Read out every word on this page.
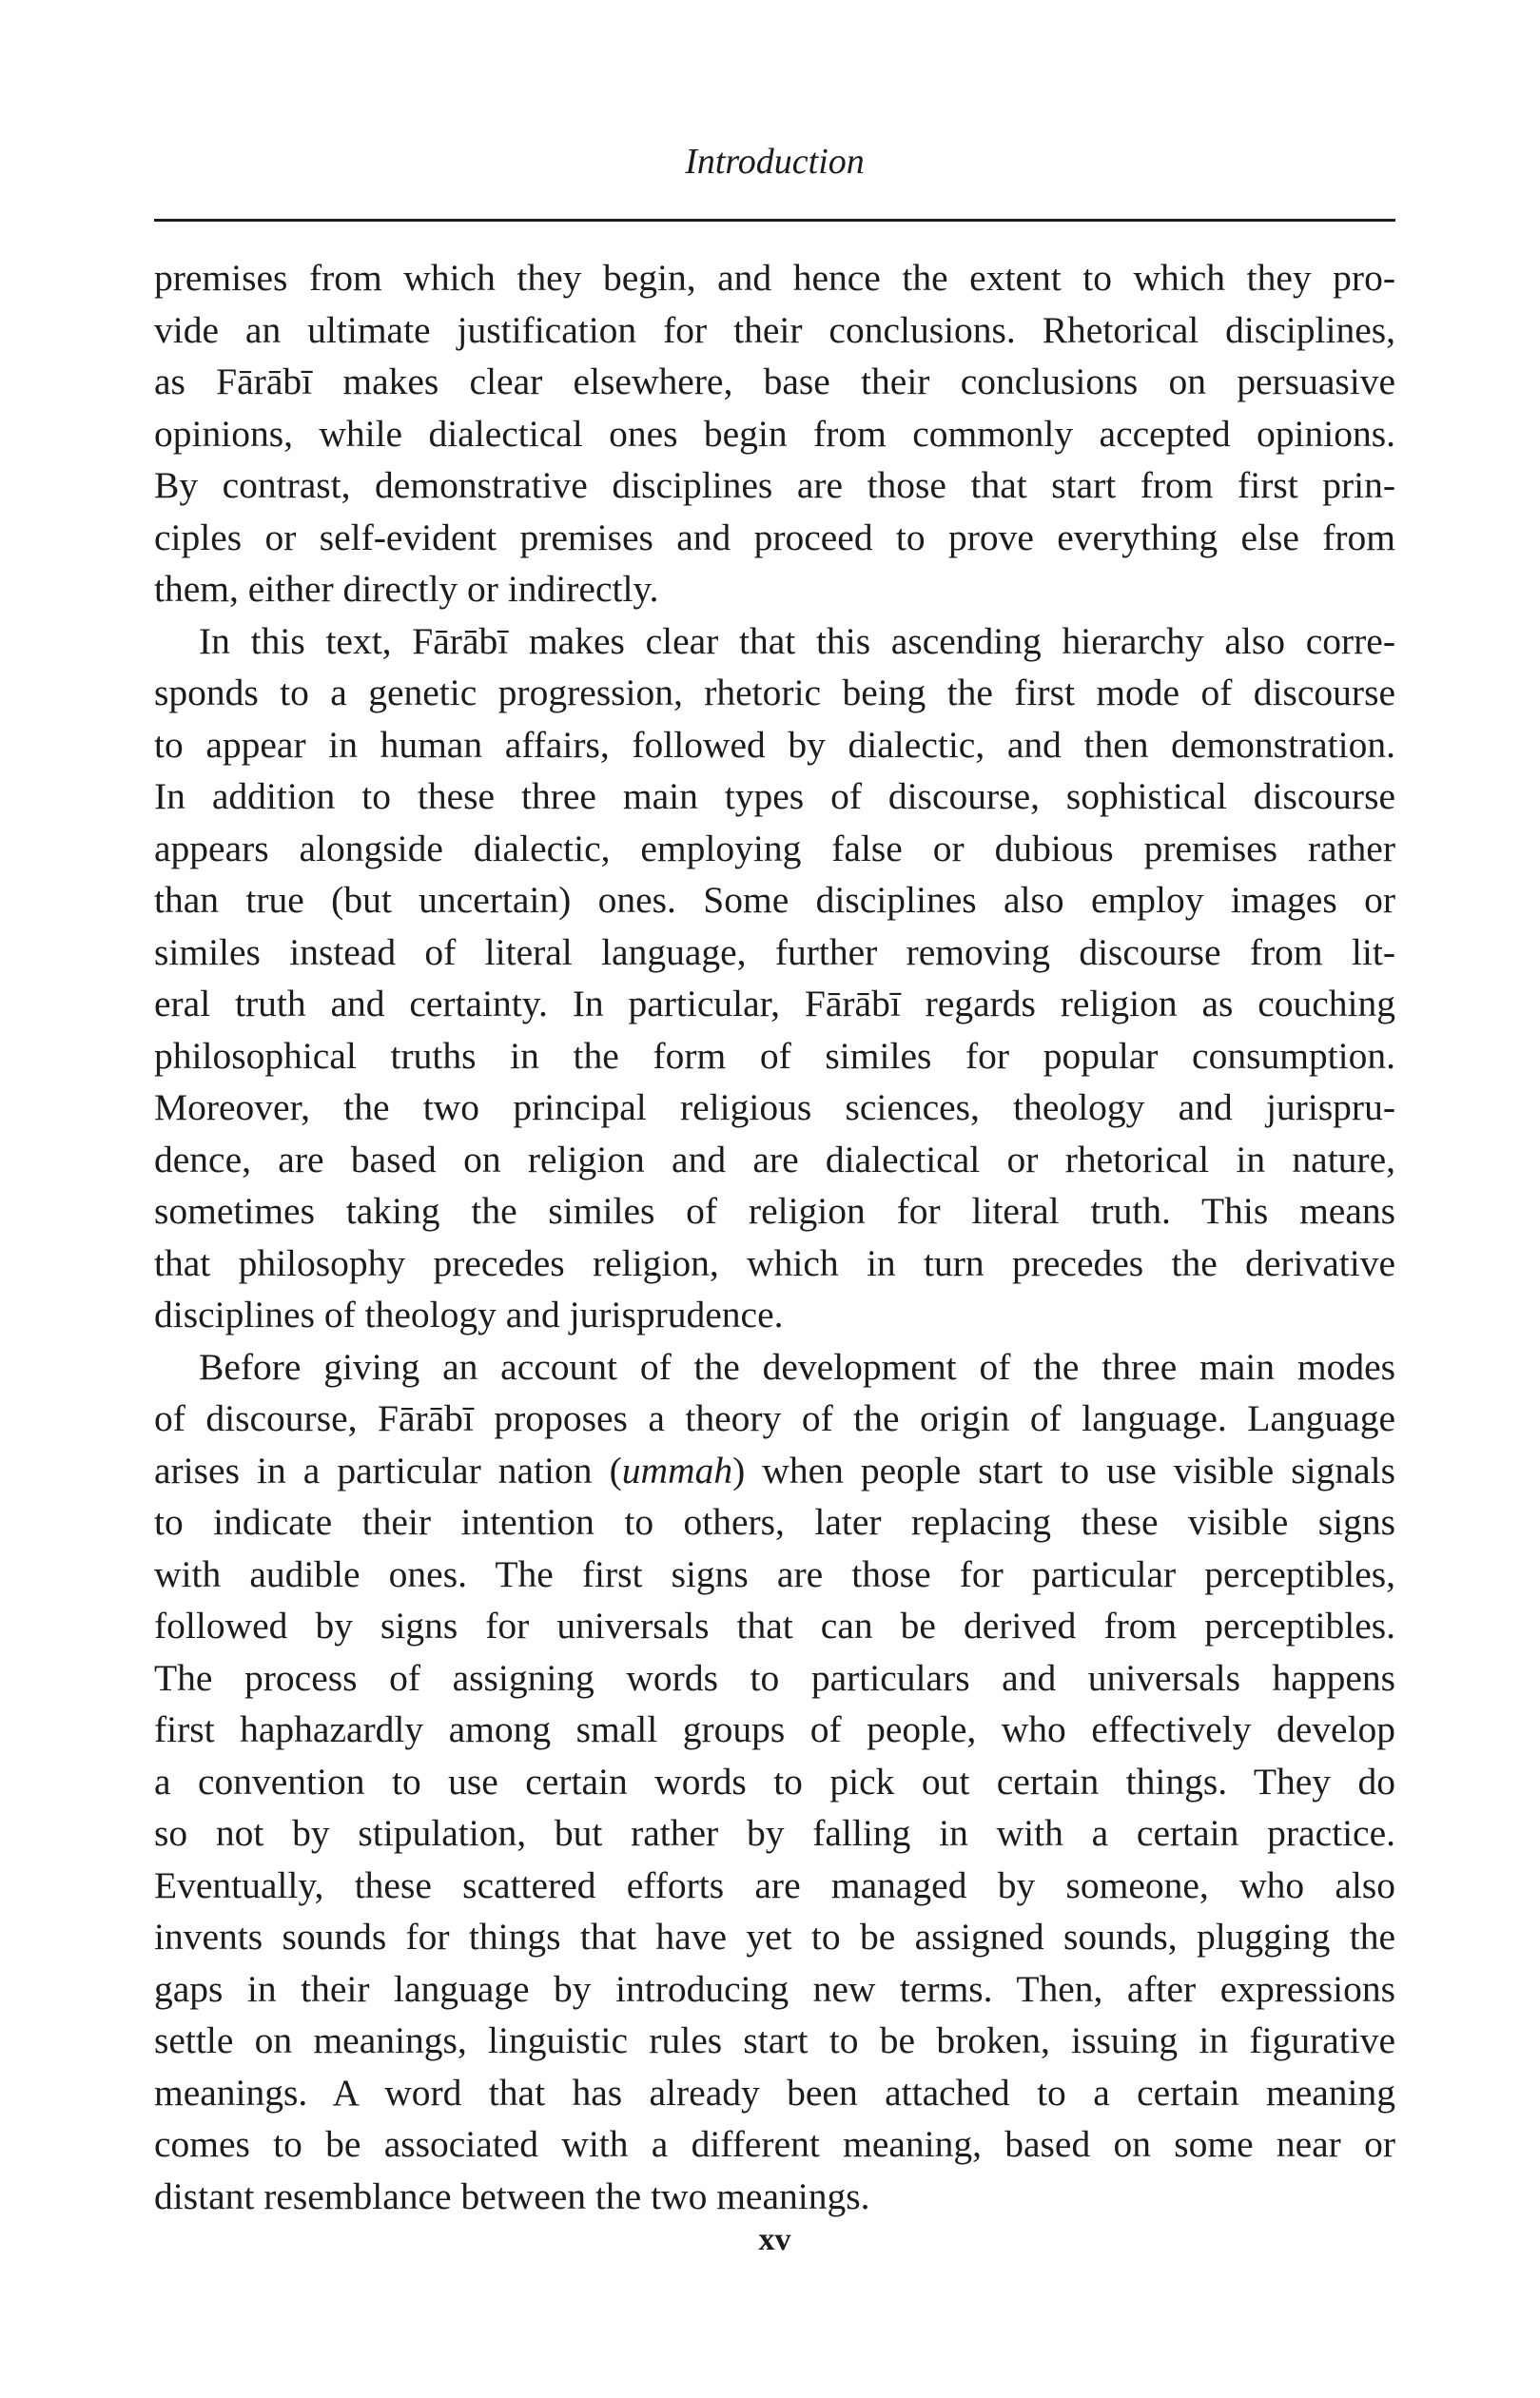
Introduction
premises from which they begin, and hence the extent to which they pro-
vide an ultimate justification for their conclusions. Rhetorical disciplines,
as Fārābī makes clear elsewhere, base their conclusions on persuasive
opinions, while dialectical ones begin from commonly accepted opinions.
By contrast, demonstrative disciplines are those that start from first prin-
ciples or self-evident premises and proceed to prove everything else from
them, either directly or indirectly.
In this text, Fārābī makes clear that this ascending hierarchy also corre-
sponds to a genetic progression, rhetoric being the first mode of discourse
to appear in human affairs, followed by dialectic, and then demonstration.
In addition to these three main types of discourse, sophistical discourse
appears alongside dialectic, employing false or dubious premises rather
than true (but uncertain) ones. Some disciplines also employ images or
similes instead of literal language, further removing discourse from lit-
eral truth and certainty. In particular, Fārābī regards religion as couching
philosophical truths in the form of similes for popular consumption.
Moreover, the two principal religious sciences, theology and jurispru-
dence, are based on religion and are dialectical or rhetorical in nature,
sometimes taking the similes of religion for literal truth. This means
that philosophy precedes religion, which in turn precedes the derivative
disciplines of theology and jurisprudence.
Before giving an account of the development of the three main modes
of discourse, Fārābī proposes a theory of the origin of language. Language
arises in a particular nation (ummah) when people start to use visible signals
to indicate their intention to others, later replacing these visible signs
with audible ones. The first signs are those for particular perceptibles,
followed by signs for universals that can be derived from perceptibles.
The process of assigning words to particulars and universals happens
first haphazardly among small groups of people, who effectively develop
a convention to use certain words to pick out certain things. They do
so not by stipulation, but rather by falling in with a certain practice.
Eventually, these scattered efforts are managed by someone, who also
invents sounds for things that have yet to be assigned sounds, plugging the
gaps in their language by introducing new terms. Then, after expressions
settle on meanings, linguistic rules start to be broken, issuing in figurative
meanings. A word that has already been attached to a certain meaning
comes to be associated with a different meaning, based on some near or
distant resemblance between the two meanings.
xv
